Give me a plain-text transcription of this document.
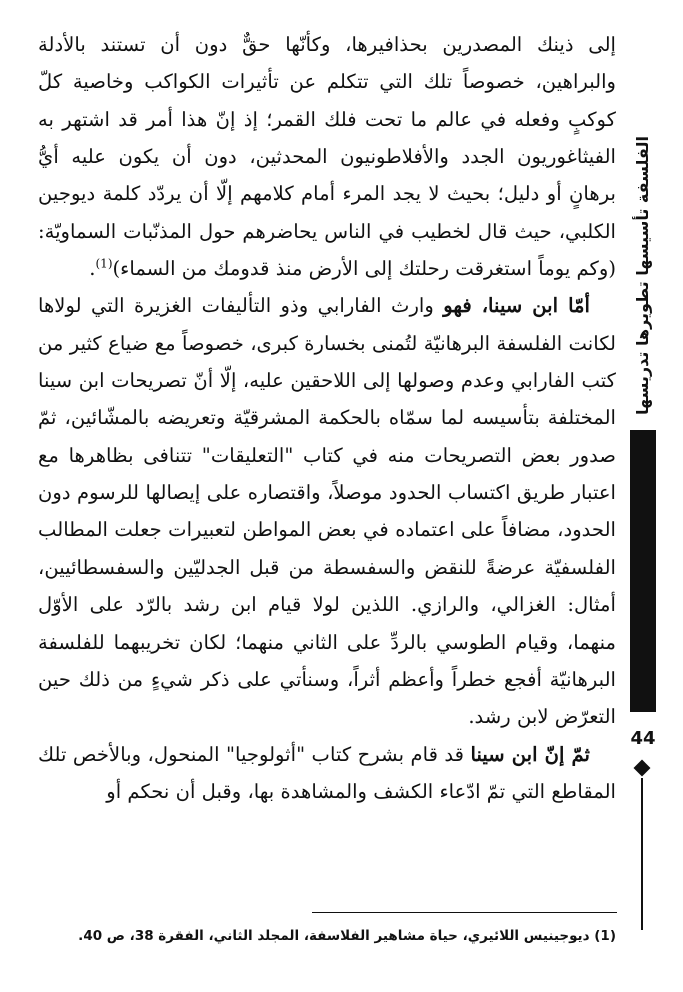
إلى ذينك المصدرين بحذافيرها، وكأنّها حقٌّ دون أن تستند بالأدلة والبراهين، خصوصاً تلك التي تتكلم عن تأثيرات الكواكب وخاصية كلّ كوكبٍ وفعله في عالم ما تحت فلك القمر؛ إذ إنّ هذا أمر قد اشتهر به الفيثاغوريون الجدد والأفلاطونيون المحدثين، دون أن يكون عليه أيُّ برهانٍ أو دليل؛ بحيث لا يجد المرء أمام كلامهم إلّا أن يردّد كلمة ديوجين الكلبي، حيث قال لخطيب في الناس يحاضرهم حول المذنّبات السماويّة: (وكم يوماً استغرقت رحلتك إلى الأرض منذ قدومك من السماء)$^{(1)}$.

أمّا ابن سينا، فهو وارث الفارابي وذو التأليفات الغزيرة التي لولاها لكانت الفلسفة البرهانيّة لتُمنى بخسارة كبرى، خصوصاً مع ضياع كثير من كتب الفارابي وعدم وصولها إلى اللاحقين عليه، إلّا أنّ تصريحات ابن سينا المختلفة بتأسيسه لما سمّاه بالحكمة المشرقيّة وتعريضه بالمشّائين، ثمّ صدور بعض التصريحات منه في كتاب "التعليقات" تتنافى بظاهرها مع اعتبار طريق اكتساب الحدود موصلاً، واقتصاره على إيصالها للرسوم دون الحدود، مضافاً على اعتماده في بعض المواطن لتعبيرات جعلت المطالب الفلسفيّة عرضةً للنقض والسفسطة من قبل الجدليّين والسفسطائيين، أمثال: الغزالي، والرازي. اللذين لولا قيام ابن رشد بالرّد على الأوّل منهما، وقيام الطوسي بالردِّ على الثاني منهما؛ لكان تخريبهما للفلسفة البرهانيّة أفجع خطراً وأعظم أثراً، وسنأتي على ذكر شيءٍ من ذلك حين التعرّض لابن رشد.

ثمّ إنّ ابن سينا قد قام بشرح كتاب "أثولوجيا" المنحول، وبالأخص تلك المقاطع التي تمّ ادّعاء الكشف والمشاهدة بها، وقبل أن نحكم أو

الفلسفة تأسيسها تطويرها تدريسها
44
(1) ديوجينيس اللائيري، حياة مشاهير الفلاسفة، المجلد الثاني، الفقرة 38، ص 40.
